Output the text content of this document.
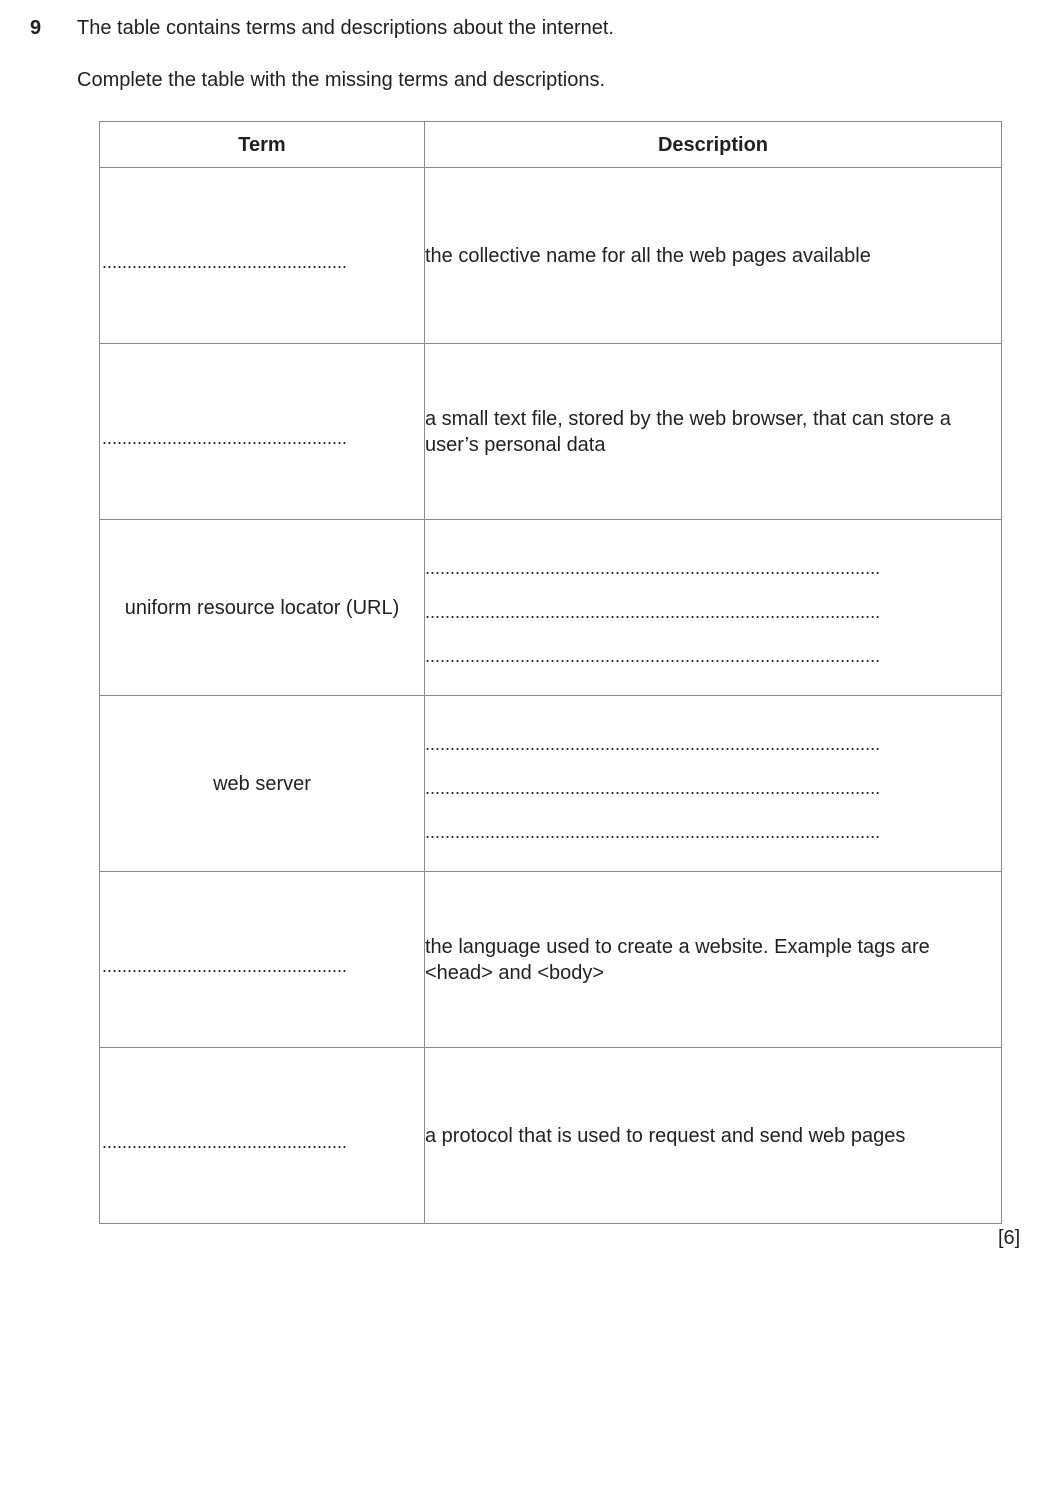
9 The table contains terms and descriptions about the internet.
Complete the table with the missing terms and descriptions.
Term	Description

.................................................	the collective name for all the web pages available

.................................................	a small text file, stored by the web browser, that can store a user’s personal data
uniform resource locator (URL)	...........................................................................................
...........................................................................................
...........................................................................................

web server	...........................................................................................
...........................................................................................
...........................................................................................

.................................................	the language used to create a website. Example tags are <head> and <body>

.................................................	a protocol that is used to request and send web pages
[6]
